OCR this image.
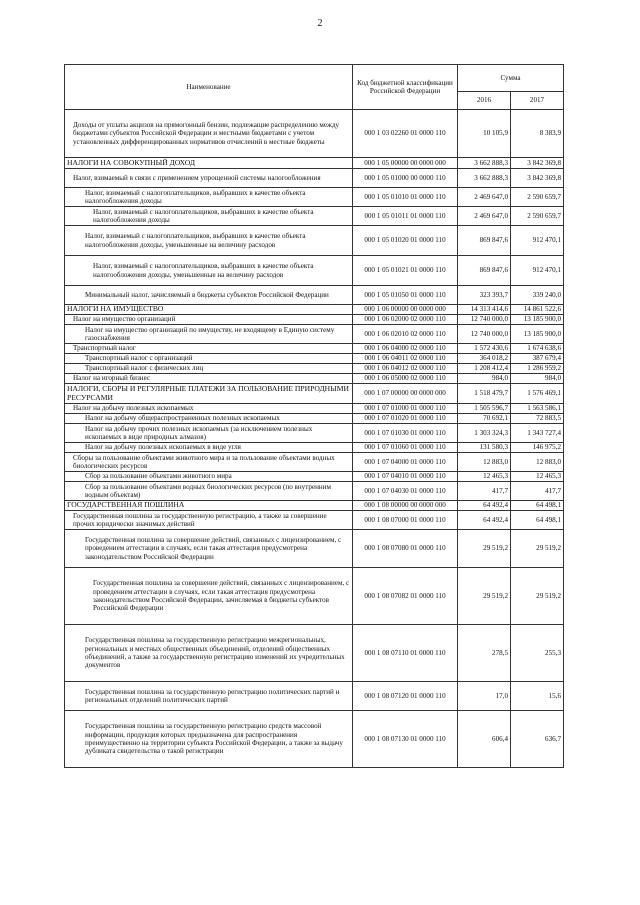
2
Наименование	Код бюджетной классификации Российской Федерации	Сумма	
		2016	2017
Доходы от уплаты акцизов на прямогонный бензин, подлежащие распределению между бюджетами субъектов Российской Федерации и местными бюджетами с учетом установленных дифференцированных нормативов отчислений в местные бюджеты	000 1 03 02260 01 0000 110	10 105,9	8 383,9
НАЛОГИ НА СОВОКУПНЫЙ ДОХОД	000 1 05 00000 00 0000 000	3 662 888,3	3 842 369,8
Налог, взимаемый в связи с применением упрощенной системы налогообложения	000 1 05 01000 00 0000 110	3 662 888,3	3 842 369,8
Налог, взимаемый с налогоплательщиков, выбравших в качестве объекта налогообложения доходы	000 1 05 01010 01 0000 110	2 469 647,0	2 590 659,7
Налог, взимаемый с налогоплательщиков, выбравших в качестве объекта налогообложения доходы	000 1 05 01011 01 0000 110	2 469 647,0	2 590 659,7
Налог, взимаемый с налогоплательщиков, выбравших в качестве объекта налогообложения доходы, уменьшенные на величину расходов	000 1 05 01020 01 0000 110	869 847,6	912 470,1
Налог, взимаемый с налогоплательщиков, выбравших в качестве объекта налогообложения доходы, уменьшенные на величину расходов	000 1 05 01021 01 0000 110	869 847,6	912 470,1
Минимальный налог, зачисляемый в бюджеты субъектов Российской Федерации	000 1 05 01050 01 0000 110	323 393,7	339 240,0
НАЛОГИ НА ИМУЩЕСТВО	000 1 06 00000 00 0000 000	14 313 414,6	14 861 522,6
Налог на имущество организаций	000 1 06 02000 02 0000 110	12 740 000,0	13 185 900,0
Налог на имущество организаций по имуществу, не входящему в Единую систему газоснабжения	000 1 06 02010 02 0000 110	12 740 000,0	13 185 900,0
Транспортный налог	000 1 06 04000 02 0000 110	1 572 430,6	1 674 638,6
Транспортный налог с организаций	000 1 06 04011 02 0000 110	364 018,2	387 679,4
Транспортный налог с физических лиц	000 1 06 04012 02 0000 110	1 208 412,4	1 286 959,2
Налог на игорный бизнес	000 1 06 05000 02 0000 110	984,0	984,0
НАЛОГИ, СБОРЫ И РЕГУЛЯРНЫЕ ПЛАТЕЖИ ЗА ПОЛЬЗОВАНИЕ ПРИРОДНЫМИ РЕСУРСАМИ	000 1 07 00000 00 0000 000	1 518 479,7	1 576 469,1
Налог на добычу полезных ископаемых	000 1 07 01000 01 0000 110	1 505 596,7	1 563 586,1
Налог на добычу общераспространенных полезных ископаемых	000 1 07 01020 01 0000 110	70 692,1	72 883,5
Налог на добычу прочих полезных ископаемых (за исключением полезных ископаемых в виде природных алмазов)	000 1 07 01030 01 0000 110	1 303 324,3	1 343 727,4
Налог на добычу полезных ископаемых в виде угля	000 1 07 01060 01 0000 110	131 580,3	146 975,2
Сборы за пользование объектами животного мира и за пользование объектами водных биологических ресурсов	000 1 07 04000 01 0000 110	12 883,0	12 883,0
Сбор за пользование объектами животного мира	000 1 07 04010 01 0000 110	12 465,3	12 465,3
Сбор за пользование объектами водных биологических ресурсов (по внутренним водным объектам)	000 1 07 04030 01 0000 110	417,7	417,7
ГОСУДАРСТВЕННАЯ ПОШЛИНА	000 1 08 00000 00 0000 000	64 492,4	64 498,1
Государственная пошлина за государственную регистрацию, а также за совершение прочих юридически значимых действий	000 1 08 07000 01 0000 110	64 492,4	64 498,1
Государственная пошлина за совершение действий, связанных с лицензированием, с проведением аттестации в случаях, если такая аттестация предусмотрена законодательством Российской Федерации	000 1 08 07080 01 0000 110	29 519,2	29 519,2
Государственная пошлина за совершение действий, связанных с лицензированием, с проведением аттестации в случаях, если такая аттестация предусмотрена законодательством Российской Федерации, зачисляемая в бюджеты субъектов Российской Федерации	000 1 08 07082 01 0000 110	29 519,2	29 519,2
Государственная пошлина за государственную регистрацию межрегиональных, региональных и местных общественных объединений, отделений общественных объединений, а также за государственную регистрацию изменений их учредительных документов	000 1 08 07110 01 0000 110	278,5	255,3
Государственная пошлина за государственную регистрацию политических партий и региональных отделений политических партий	000 1 08 07120 01 0000 110	17,0	15,6
Государственная пошлина за государственную регистрацию средств массовой информации, продукция которых предназначена для распространения преимущественно на территории субъекта Российской Федерации, а также за выдачу дубликата свидетельства о такой регистрации	000 1 08 07130 01 0000 110	606,4	636,7
